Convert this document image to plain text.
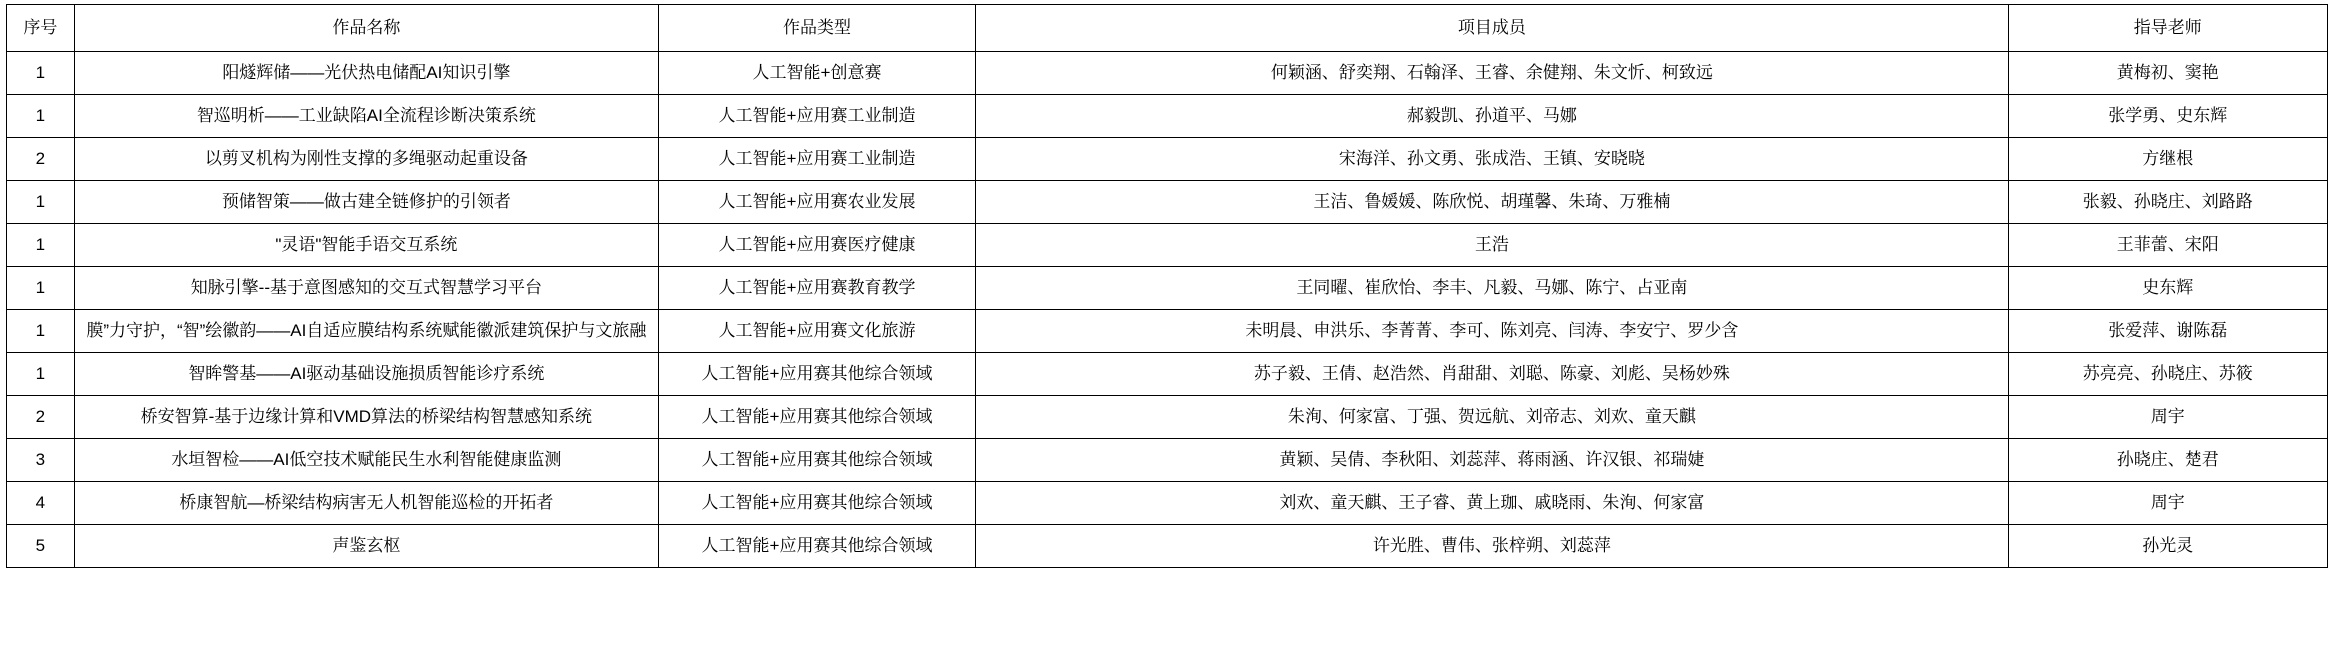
序号	作品名称	作品类型	项目成员	指导老师
1	阳燧辉储——光伏热电储配AI知识引擎	人工智能+创意赛	何颖涵、舒奕翔、石翰泽、王睿、余健翔、朱文忻、柯致远	黄梅初、窦艳
1	智巡明析——工业缺陷AI全流程诊断决策系统	人工智能+应用赛工业制造	郝毅凯、孙道平、马娜	张学勇、史东辉
2	以剪叉机构为刚性支撑的多绳驱动起重设备	人工智能+应用赛工业制造	宋海洋、孙文勇、张成浩、王镇、安晓晓	方继根
1	预储智策——做古建全链修护的引领者	人工智能+应用赛农业发展	王洁、鲁媛媛、陈欣悦、胡瑾馨、朱琦、万雅楠	张毅、孙晓庄、刘路路
1	"灵语"智能手语交互系统	人工智能+应用赛医疗健康	王浩	王菲蕾、宋阳
1	知脉引擎--基于意图感知的交互式智慧学习平台	人工智能+应用赛教育教学	王同曜、崔欣怡、李丰、凡毅、马娜、陈宁、占亚南	史东辉
1	膜”力守护，“智”绘徽韵——AI自适应膜结构系统赋能徽派建筑保护与文旅融	人工智能+应用赛文化旅游	未明晨、申洪乐、李菁菁、李可、陈刘亮、闫涛、李安宁、罗少含	张爱萍、谢陈磊
1	智眸警基——AI驱动基础设施损质智能诊疗系统	人工智能+应用赛其他综合领域	苏子毅、王倩、赵浩然、肖甜甜、刘聪、陈豪、刘彪、吴杨妙殊	苏亮亮、孙晓庄、苏筱
2	桥安智算-基于边缘计算和VMD算法的桥梁结构智慧感知系统	人工智能+应用赛其他综合领域	朱洵、何家富、丁强、贺远航、刘帝志、刘欢、童天麒	周宇
3	水垣智检——AI低空技术赋能民生水利智能健康监测	人工智能+应用赛其他综合领域	黄颖、吴倩、李秋阳、刘蕊萍、蒋雨涵、许汉银、祁瑞婕	孙晓庄、楚君
4	桥康智航—桥梁结构病害无人机智能巡检的开拓者	人工智能+应用赛其他综合领域	刘欢、童天麒、王子睿、黄上珈、戚晓雨、朱洵、何家富	周宇
5	声鉴玄枢	人工智能+应用赛其他综合领域	许光胜、曹伟、张梓朔、刘蕊萍	孙光灵
